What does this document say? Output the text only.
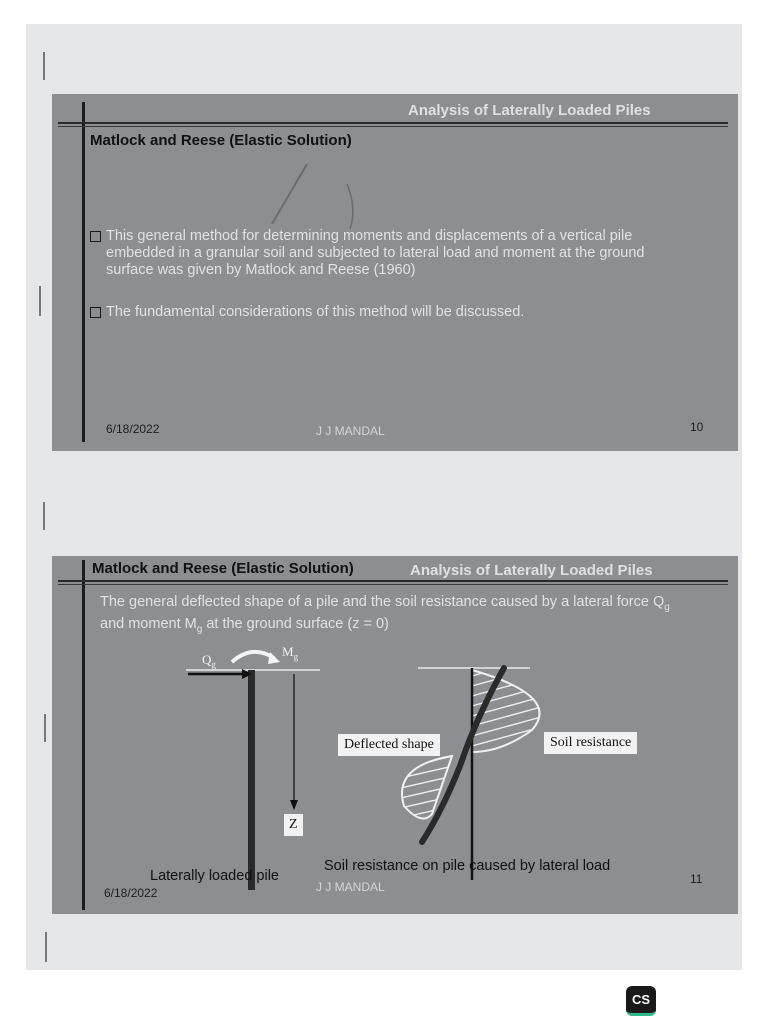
Analysis of Laterally Loaded Piles
Matlock and Reese (Elastic Solution)
This general method for determining moments and displacements of a vertical pile embedded in a granular soil and subjected to lateral load and moment at the ground surface was given by Matlock and Reese (1960)
The fundamental considerations of this method will be discussed.
6/18/2022	J J MANDAL	10
Matlock and Reese (Elastic Solution)	Analysis of Laterally Loaded Piles
The general deflected shape of a pile and the soil resistance caused by a lateral force $Q_g$ and moment $M_g$ at the ground surface (z = 0)
$Q_g$
$M_g$
Z
Deflected shape	Soil resistance
Laterally loaded pile
Soil resistance on pile caused by lateral load
6/18/2022	J J MANDAL
11
CS
